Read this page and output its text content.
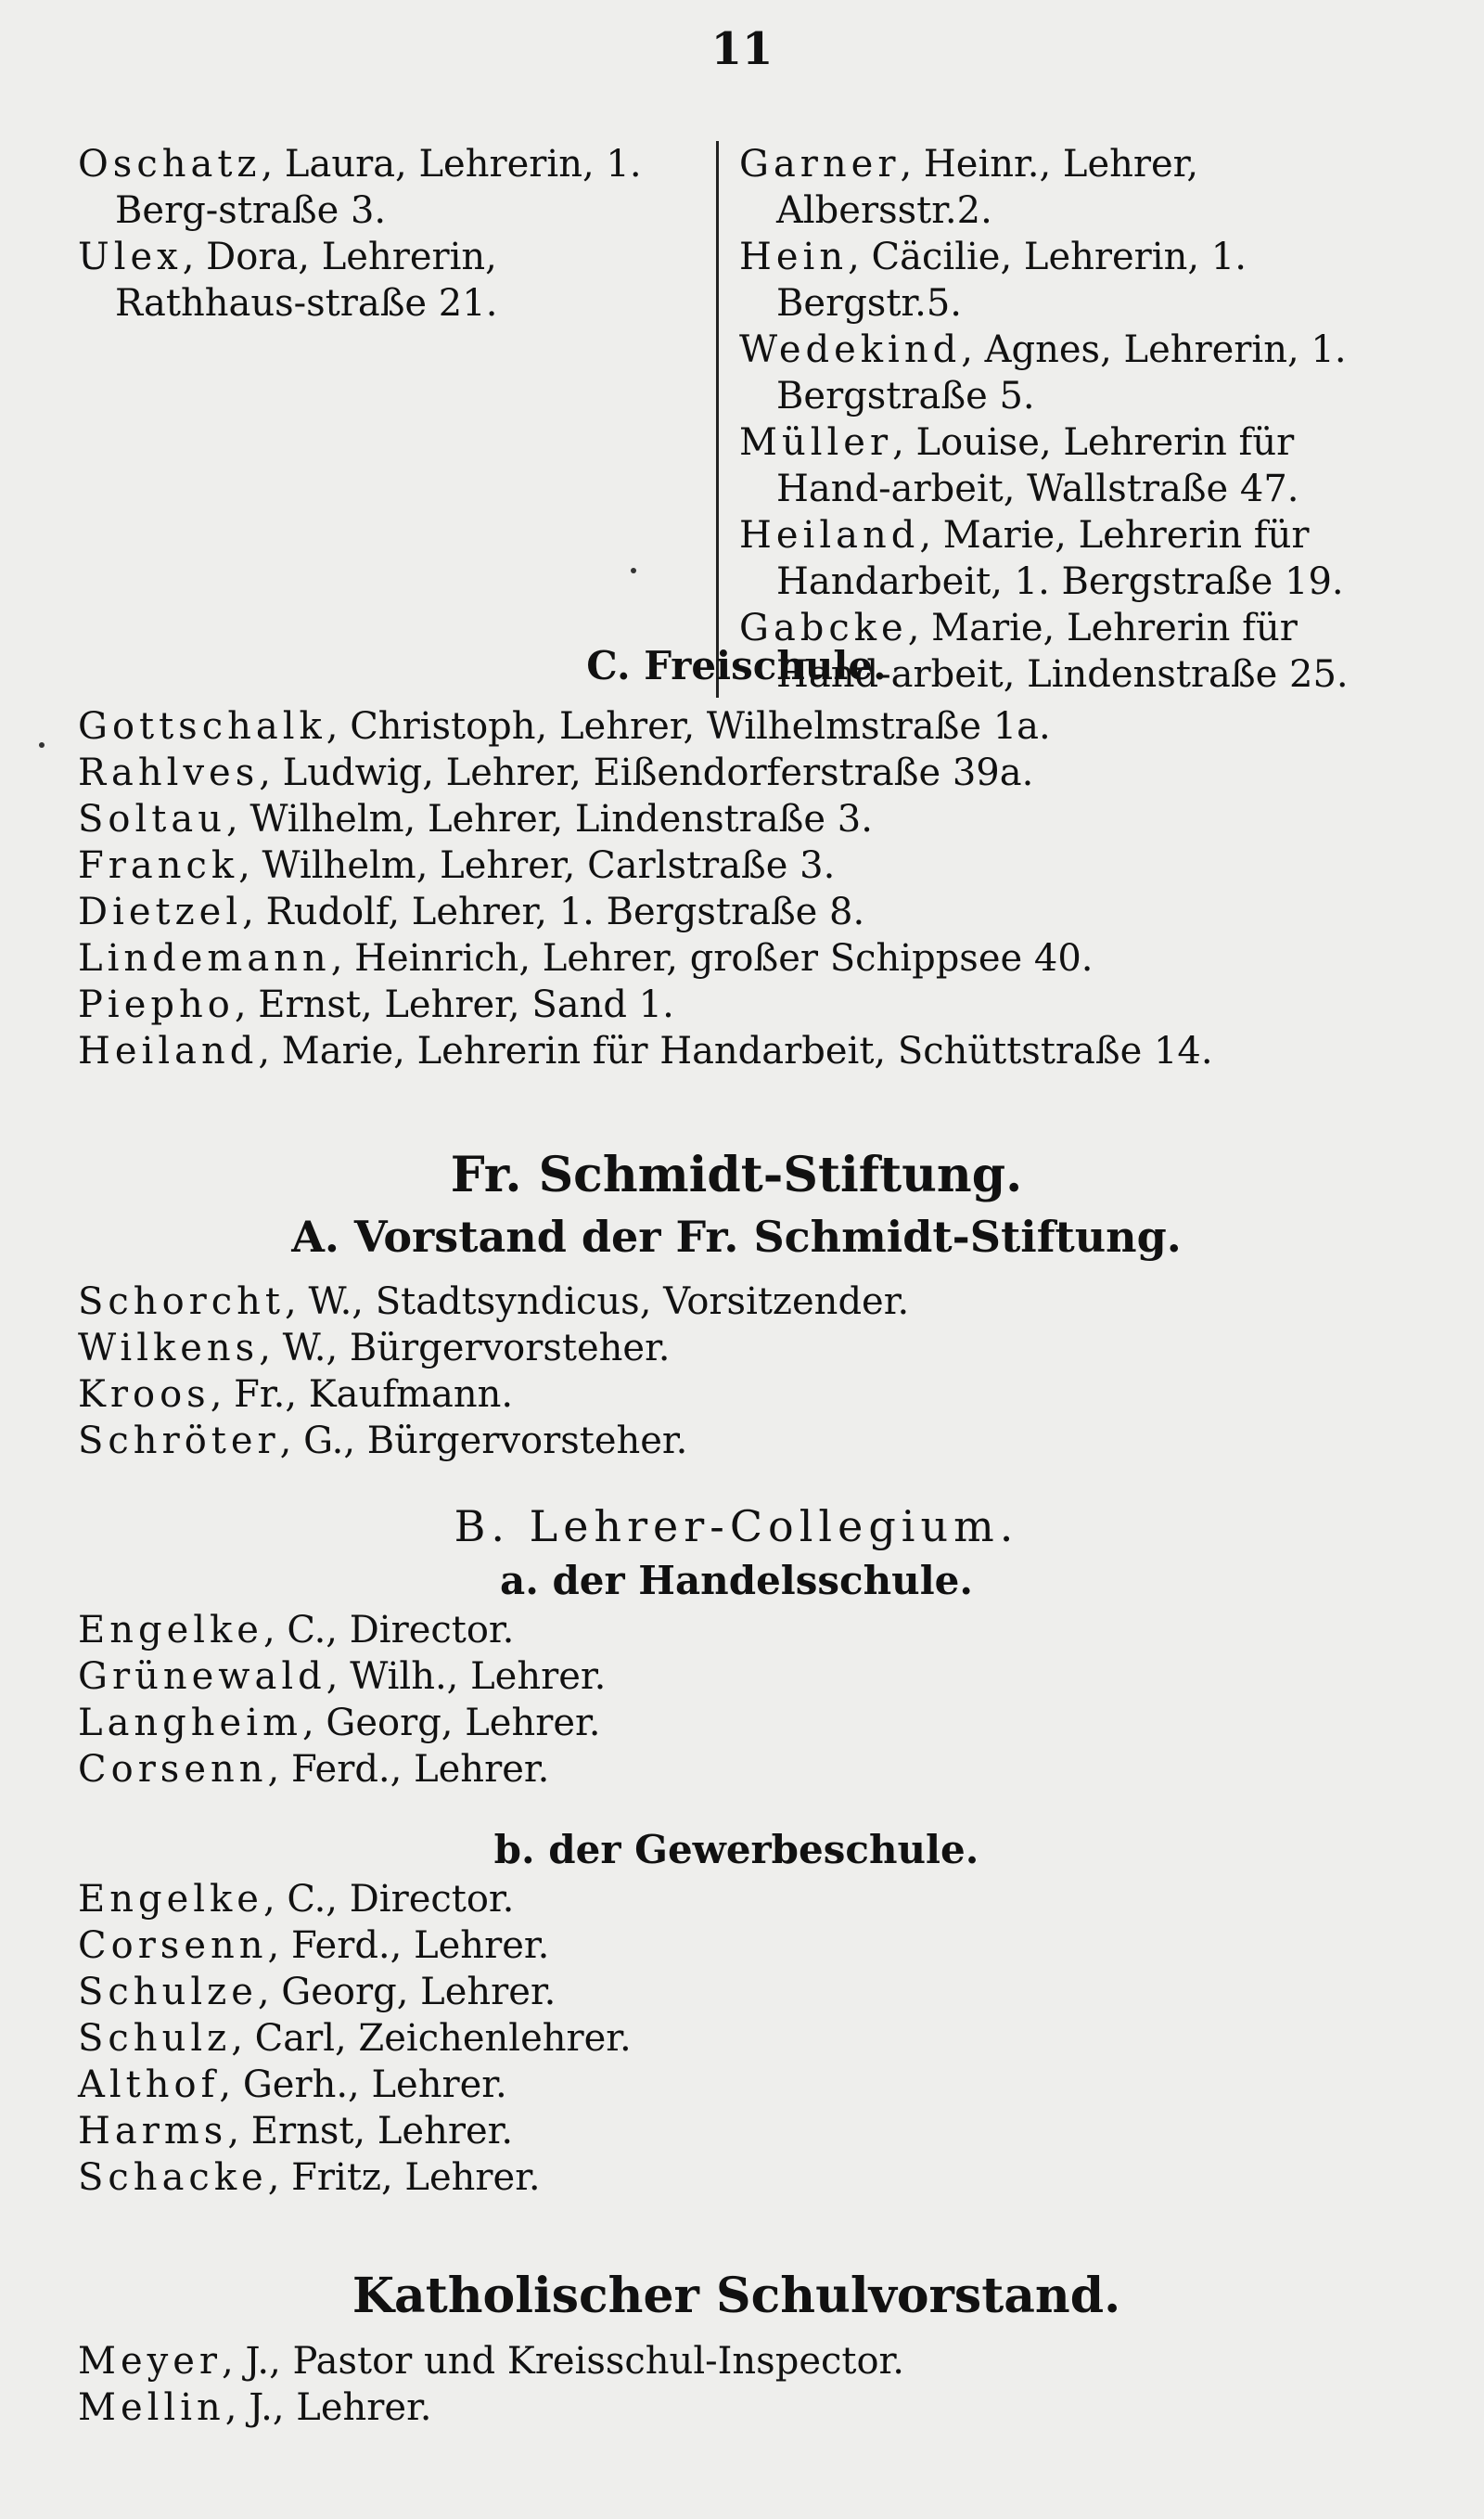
11

Oschatz, Laura, Lehrerin, 1. Berg-straße 3.

Ulex, Dora, Lehrerin, Rathhaus-straße 21.

Garner, Heinr., Lehrer, Albersstr.2.

Hein, Cäcilie, Lehrerin, 1. Bergstr.5.

Wedekind, Agnes, Lehrerin, 1. Bergstraße 5.

Müller, Louise, Lehrerin für Hand-arbeit, Wallstraße 47.

Heiland, Marie, Lehrerin für Handarbeit, 1. Bergstraße 19.

Gabcke, Marie, Lehrerin für Hand-arbeit, Lindenstraße 25.

C. Freischule.

Gottschalk, Christoph, Lehrer, Wilhelmstraße 1a.

Rahlves, Ludwig, Lehrer, Eißendorferstraße 39a.

Soltau, Wilhelm, Lehrer, Lindenstraße 3.

Franck, Wilhelm, Lehrer, Carlstraße 3.

Dietzel, Rudolf, Lehrer, 1. Bergstraße 8.

Lindemann, Heinrich, Lehrer, großer Schippsee 40.

Piepho, Ernst, Lehrer, Sand 1.

Heiland, Marie, Lehrerin für Handarbeit, Schüttstraße 14.

Fr. Schmidt-Stiftung.
A. Vorstand der Fr. Schmidt-Stiftung.

Schorcht, W., Stadtsyndicus, Vorsitzender.

Wilkens, W., Bürgervorsteher.

Kroos, Fr., Kaufmann.

Schröter, G., Bürgervorsteher.

B. Lehrer-Collegium.
a. der Handelsschule.

Engelke, C., Director.

Grünewald, Wilh., Lehrer.

Langheim, Georg, Lehrer.

Corsenn, Ferd., Lehrer.

b. der Gewerbeschule.

Engelke, C., Director.

Corsenn, Ferd., Lehrer.

Schulze, Georg, Lehrer.

Schulz, Carl, Zeichenlehrer.

Althof, Gerh., Lehrer.

Harms, Ernst, Lehrer.

Schacke, Fritz, Lehrer.

Katholischer Schulvorstand.

Meyer, J., Pastor und Kreisschul-Inspector.

Mellin, J., Lehrer.
